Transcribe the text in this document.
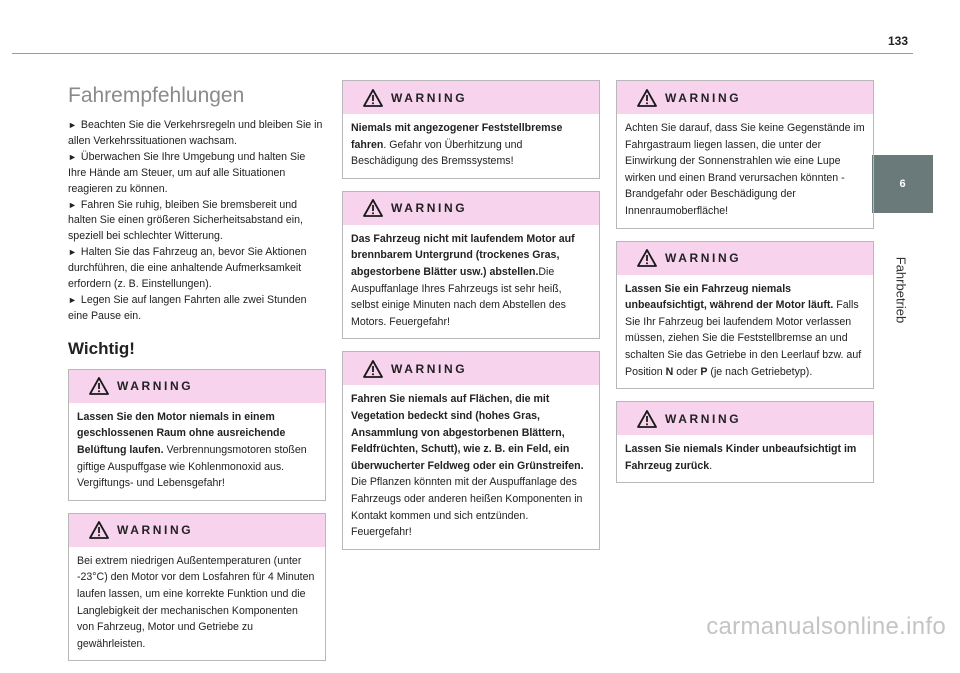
133
6
Fahrbetrieb
Fahrempfehlungen
► Beachten Sie die Verkehrsregeln und bleiben Sie in allen Verkehrssituationen wachsam.
► Überwachen Sie Ihre Umgebung und halten Sie Ihre Hände am Steuer, um auf alle Situationen reagieren zu können.
► Fahren Sie ruhig, bleiben Sie bremsbereit und halten Sie einen größeren Sicherheitsabstand ein, speziell bei schlechter Witterung.
► Halten Sie das Fahrzeug an, bevor Sie Aktionen durchführen, die eine anhaltende Aufmerksamkeit erfordern (z. B. Einstellungen).
► Legen Sie auf langen Fahrten alle zwei Stunden eine Pause ein.
Wichtig!
WARNING
Lassen Sie den Motor niemals in einem geschlossenen Raum ohne ausreichende Belüftung laufen. Verbrennungsmotoren stoßen giftige Auspuffgase wie Kohlenmonoxid aus. Vergiftungs- und Lebensgefahr!
WARNING
Bei extrem niedrigen Außentemperaturen (unter -23°C) den Motor vor dem Losfahren für 4 Minuten laufen lassen, um eine korrekte Funktion und die Langlebigkeit der mechanischen Komponenten von Fahrzeug, Motor und Getriebe zu gewährleisten.
WARNING
Niemals mit angezogener Feststellbremse fahren. Gefahr von Überhitzung und Beschädigung des Bremssystems!
WARNING
Das Fahrzeug nicht mit laufendem Motor auf brennbarem Untergrund (trockenes Gras, abgestorbene Blätter usw.) abstellen.Die Auspuffanlage Ihres Fahrzeugs ist sehr heiß, selbst einige Minuten nach dem Abstellen des Motors. Feuergefahr!
WARNING
Fahren Sie niemals auf Flächen, die mit Vegetation bedeckt sind (hohes Gras, Ansammlung von abgestorbenen Blättern, Feldfrüchten, Schutt), wie z. B. ein Feld, ein überwucherter Feldweg oder ein Grünstreifen. Die Pflanzen könnten mit der Auspuffanlage des Fahrzeugs oder anderen heißen Komponenten in Kontakt kommen und sich entzünden. Feuergefahr!
WARNING
Achten Sie darauf, dass Sie keine Gegenstände im Fahrgastraum liegen lassen, die unter der Einwirkung der Sonnenstrahlen wie eine Lupe wirken und einen Brand verursachen könnten - Brandgefahr oder Beschädigung der Innenraumoberfläche!
WARNING
Lassen Sie ein Fahrzeug niemals unbeaufsichtigt, während der Motor läuft. Falls Sie Ihr Fahrzeug bei laufendem Motor verlassen müssen, ziehen Sie die Feststellbremse an und schalten Sie das Getriebe in den Leerlauf bzw. auf Position N oder P (je nach Getriebetyp).
WARNING
Lassen Sie niemals Kinder unbeaufsichtigt im Fahrzeug zurück.
carmanualsonline.info
